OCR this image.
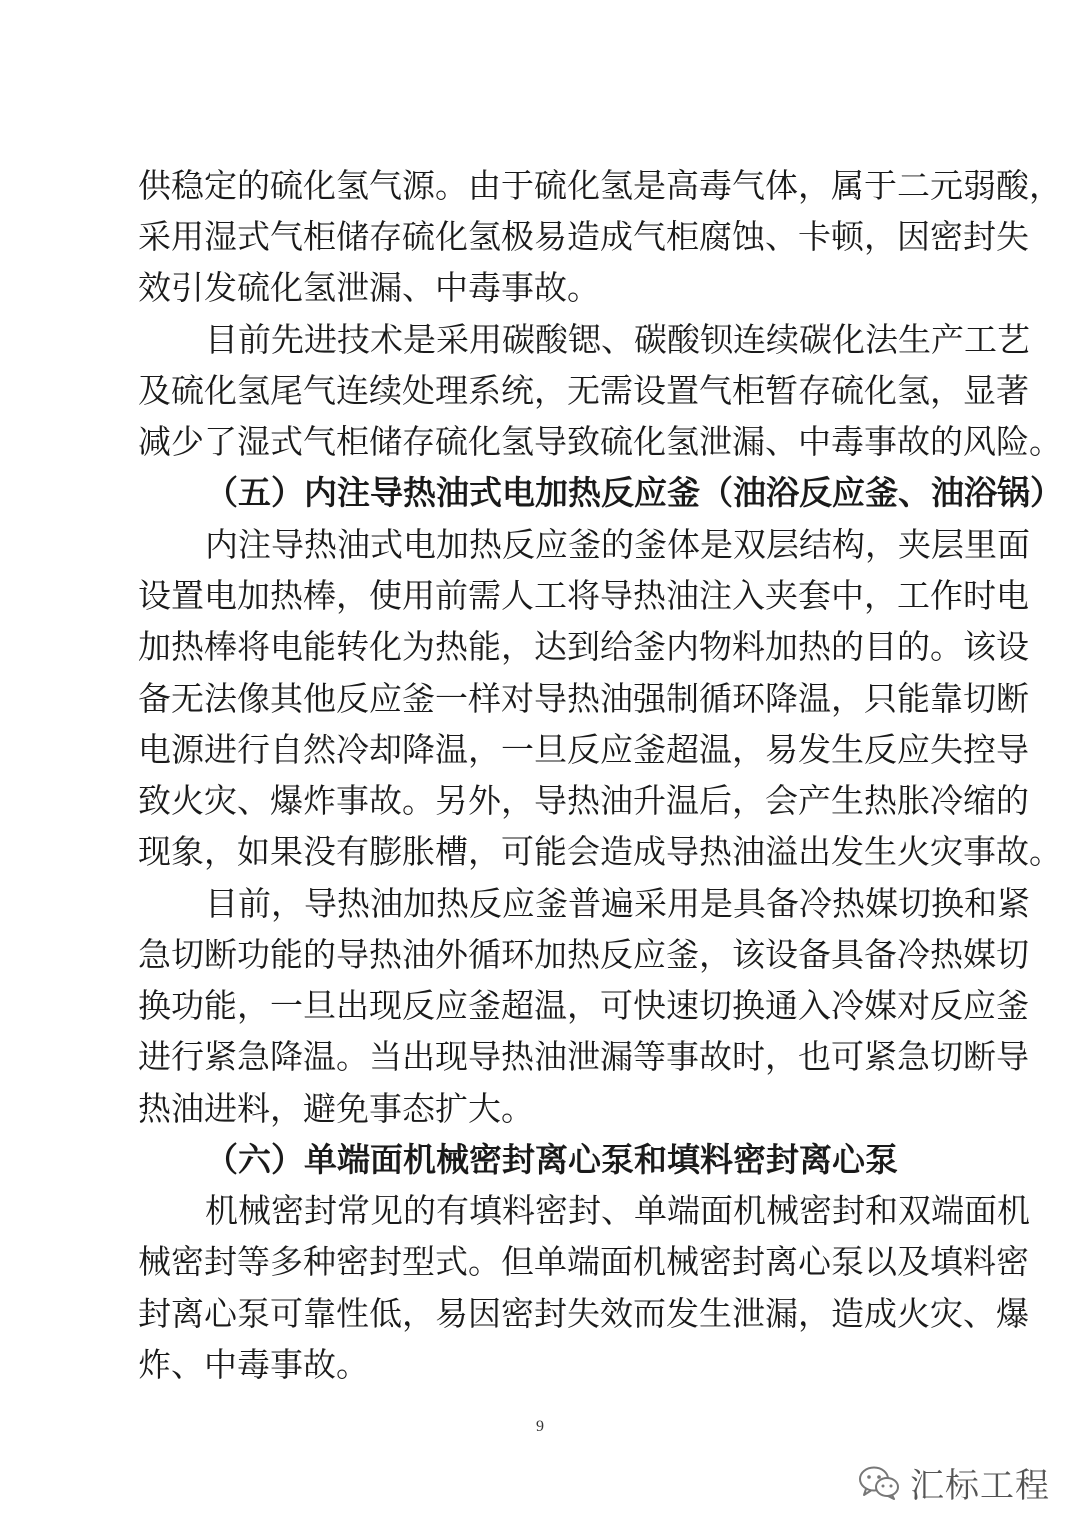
供稳定的硫化氢气源。由于硫化氢是高毒气体，属于二元弱酸，
采用湿式气柜储存硫化氢极易造成气柜腐蚀、卡顿，因密封失
效引发硫化氢泄漏、中毒事故。
目前先进技术是采用碳酸锶、碳酸钡连续碳化法生产工艺
及硫化氢尾气连续处理系统，无需设置气柜暂存硫化氢，显著
减少了湿式气柜储存硫化氢导致硫化氢泄漏、中毒事故的风险。
（五）内注导热油式电加热反应釜（油浴反应釜、油浴锅）
内注导热油式电加热反应釜的釜体是双层结构，夹层里面
设置电加热棒，使用前需人工将导热油注入夹套中，工作时电
加热棒将电能转化为热能，达到给釜内物料加热的目的。该设
备无法像其他反应釜一样对导热油强制循环降温，只能靠切断
电源进行自然冷却降温，一旦反应釜超温，易发生反应失控导
致火灾、爆炸事故。另外，导热油升温后，会产生热胀冷缩的
现象，如果没有膨胀槽，可能会造成导热油溢出发生火灾事故。
目前，导热油加热反应釜普遍采用是具备冷热媒切换和紧
急切断功能的导热油外循环加热反应釜，该设备具备冷热媒切
换功能，一旦出现反应釜超温，可快速切换通入冷媒对反应釜
进行紧急降温。当出现导热油泄漏等事故时，也可紧急切断导
热油进料，避免事态扩大。
（六）单端面机械密封离心泵和填料密封离心泵
机械密封常见的有填料密封、单端面机械密封和双端面机
械密封等多种密封型式。但单端面机械密封离心泵以及填料密
封离心泵可靠性低，易因密封失效而发生泄漏，造成火灾、爆
炸、中毒事故。
9
汇标工程
